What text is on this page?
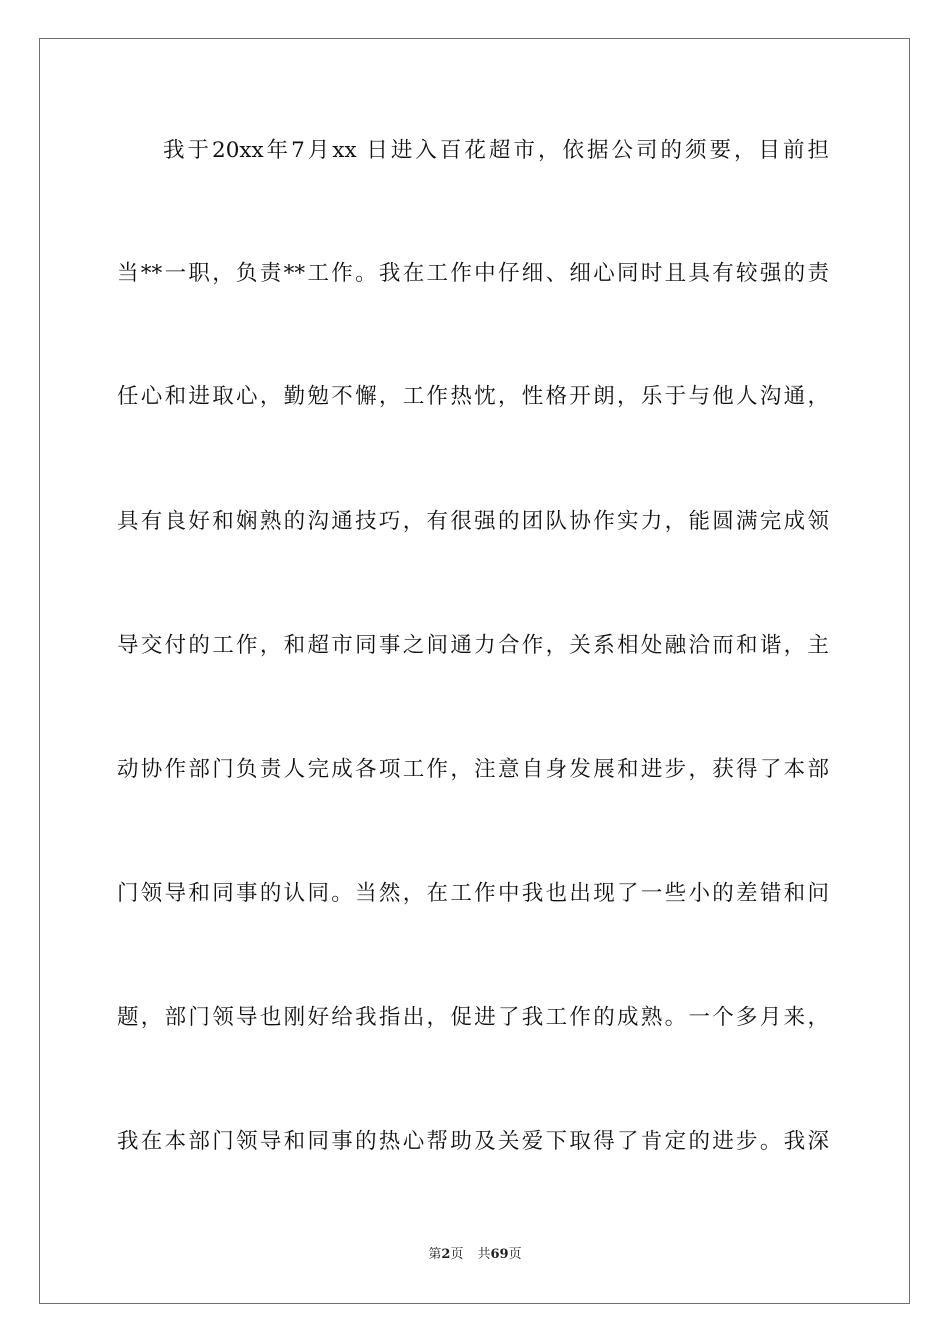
我于20xx年7月xx 日进入百花超市，依据公司的须要，目前担
当**一职，负责**工作。我在工作中仔细、细心同时且具有较强的责
任心和进取心，勤勉不懈，工作热忱，性格开朗，乐于与他人沟通，
具有良好和娴熟的沟通技巧，有很强的团队协作实力，能圆满完成领
导交付的工作，和超市同事之间通力合作，关系相处融洽而和谐，主
动协作部门负责人完成各项工作，注意自身发展和进步，获得了本部
门领导和同事的认同。当然，在工作中我也出现了一些小的差错和问
题，部门领导也刚好给我指出，促进了我工作的成熟。一个多月来，
我在本部门领导和同事的热心帮助及关爱下取得了肯定的进步。我深
第2页 共69页
